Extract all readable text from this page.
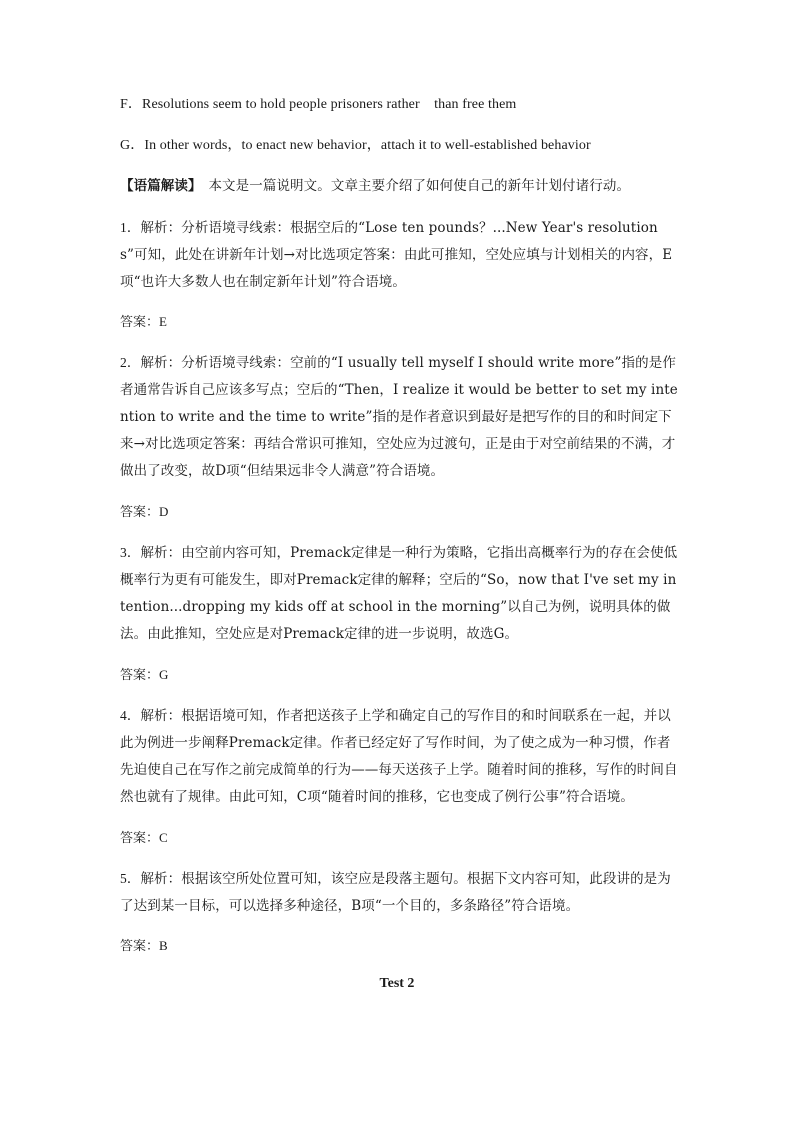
F．Resolutions seem to hold people prisoners rather    than free them
G．In other words，to enact new behavior，attach it to well-established behavior
【语篇解读】　本文是一篇说明文。文章主要介绍了如何使自己的新年计划付诸行动。
1．解析：分析语境寻线索：根据空后的“Lose ten pounds？...New Year's resolutions”可知，此处在讲新年计划→对比选项定答案：由此可推知，空处应填与计划相关的内容，E项“也许大多数人也在制定新年计划”符合语境。
答案：E
2．解析：分析语境寻线索：空前的“I usually tell myself I should write more”指的是作者通常告诉自己应该多写点；空后的“Then，I realize it would be better to set my intention to write and the time to write”指的是作者意识到最好是把写作的目的和时间定下来→对比选项定答案：再结合常识可推知，空处应为过渡句，正是由于对空前结果的不满，才做出了改变，故D项“但结果远非令人满意”符合语境。
答案：D
3．解析：由空前内容可知，Premack定律是一种行为策略，它指出高概率行为的存在会使低概率行为更有可能发生，即对Premack定律的解释；空后的“So，now that I've set my intention...dropping my kids off at school in the morning”以自己为例，说明具体的做法。由此推知，空处应是对Premack定律的进一步说明，故选G。
答案：G
4．解析：根据语境可知，作者把送孩子上学和确定自己的写作目的和时间联系在一起，并以此为例进一步阐释Premack定律。作者已经定好了写作时间，为了使之成为一种习惯，作者先迫使自己在写作之前完成简单的行为——每天送孩子上学。随着时间的推移，写作的时间自然也就有了规律。由此可知，C项“随着时间的推移，它也变成了例行公事”符合语境。
答案：C
5．解析：根据该空所处位置可知，该空应是段落主题句。根据下文内容可知，此段讲的是为了达到某一目标，可以选择多种途径，B项“一个目的，多条路径”符合语境。
答案：B
Test 2
